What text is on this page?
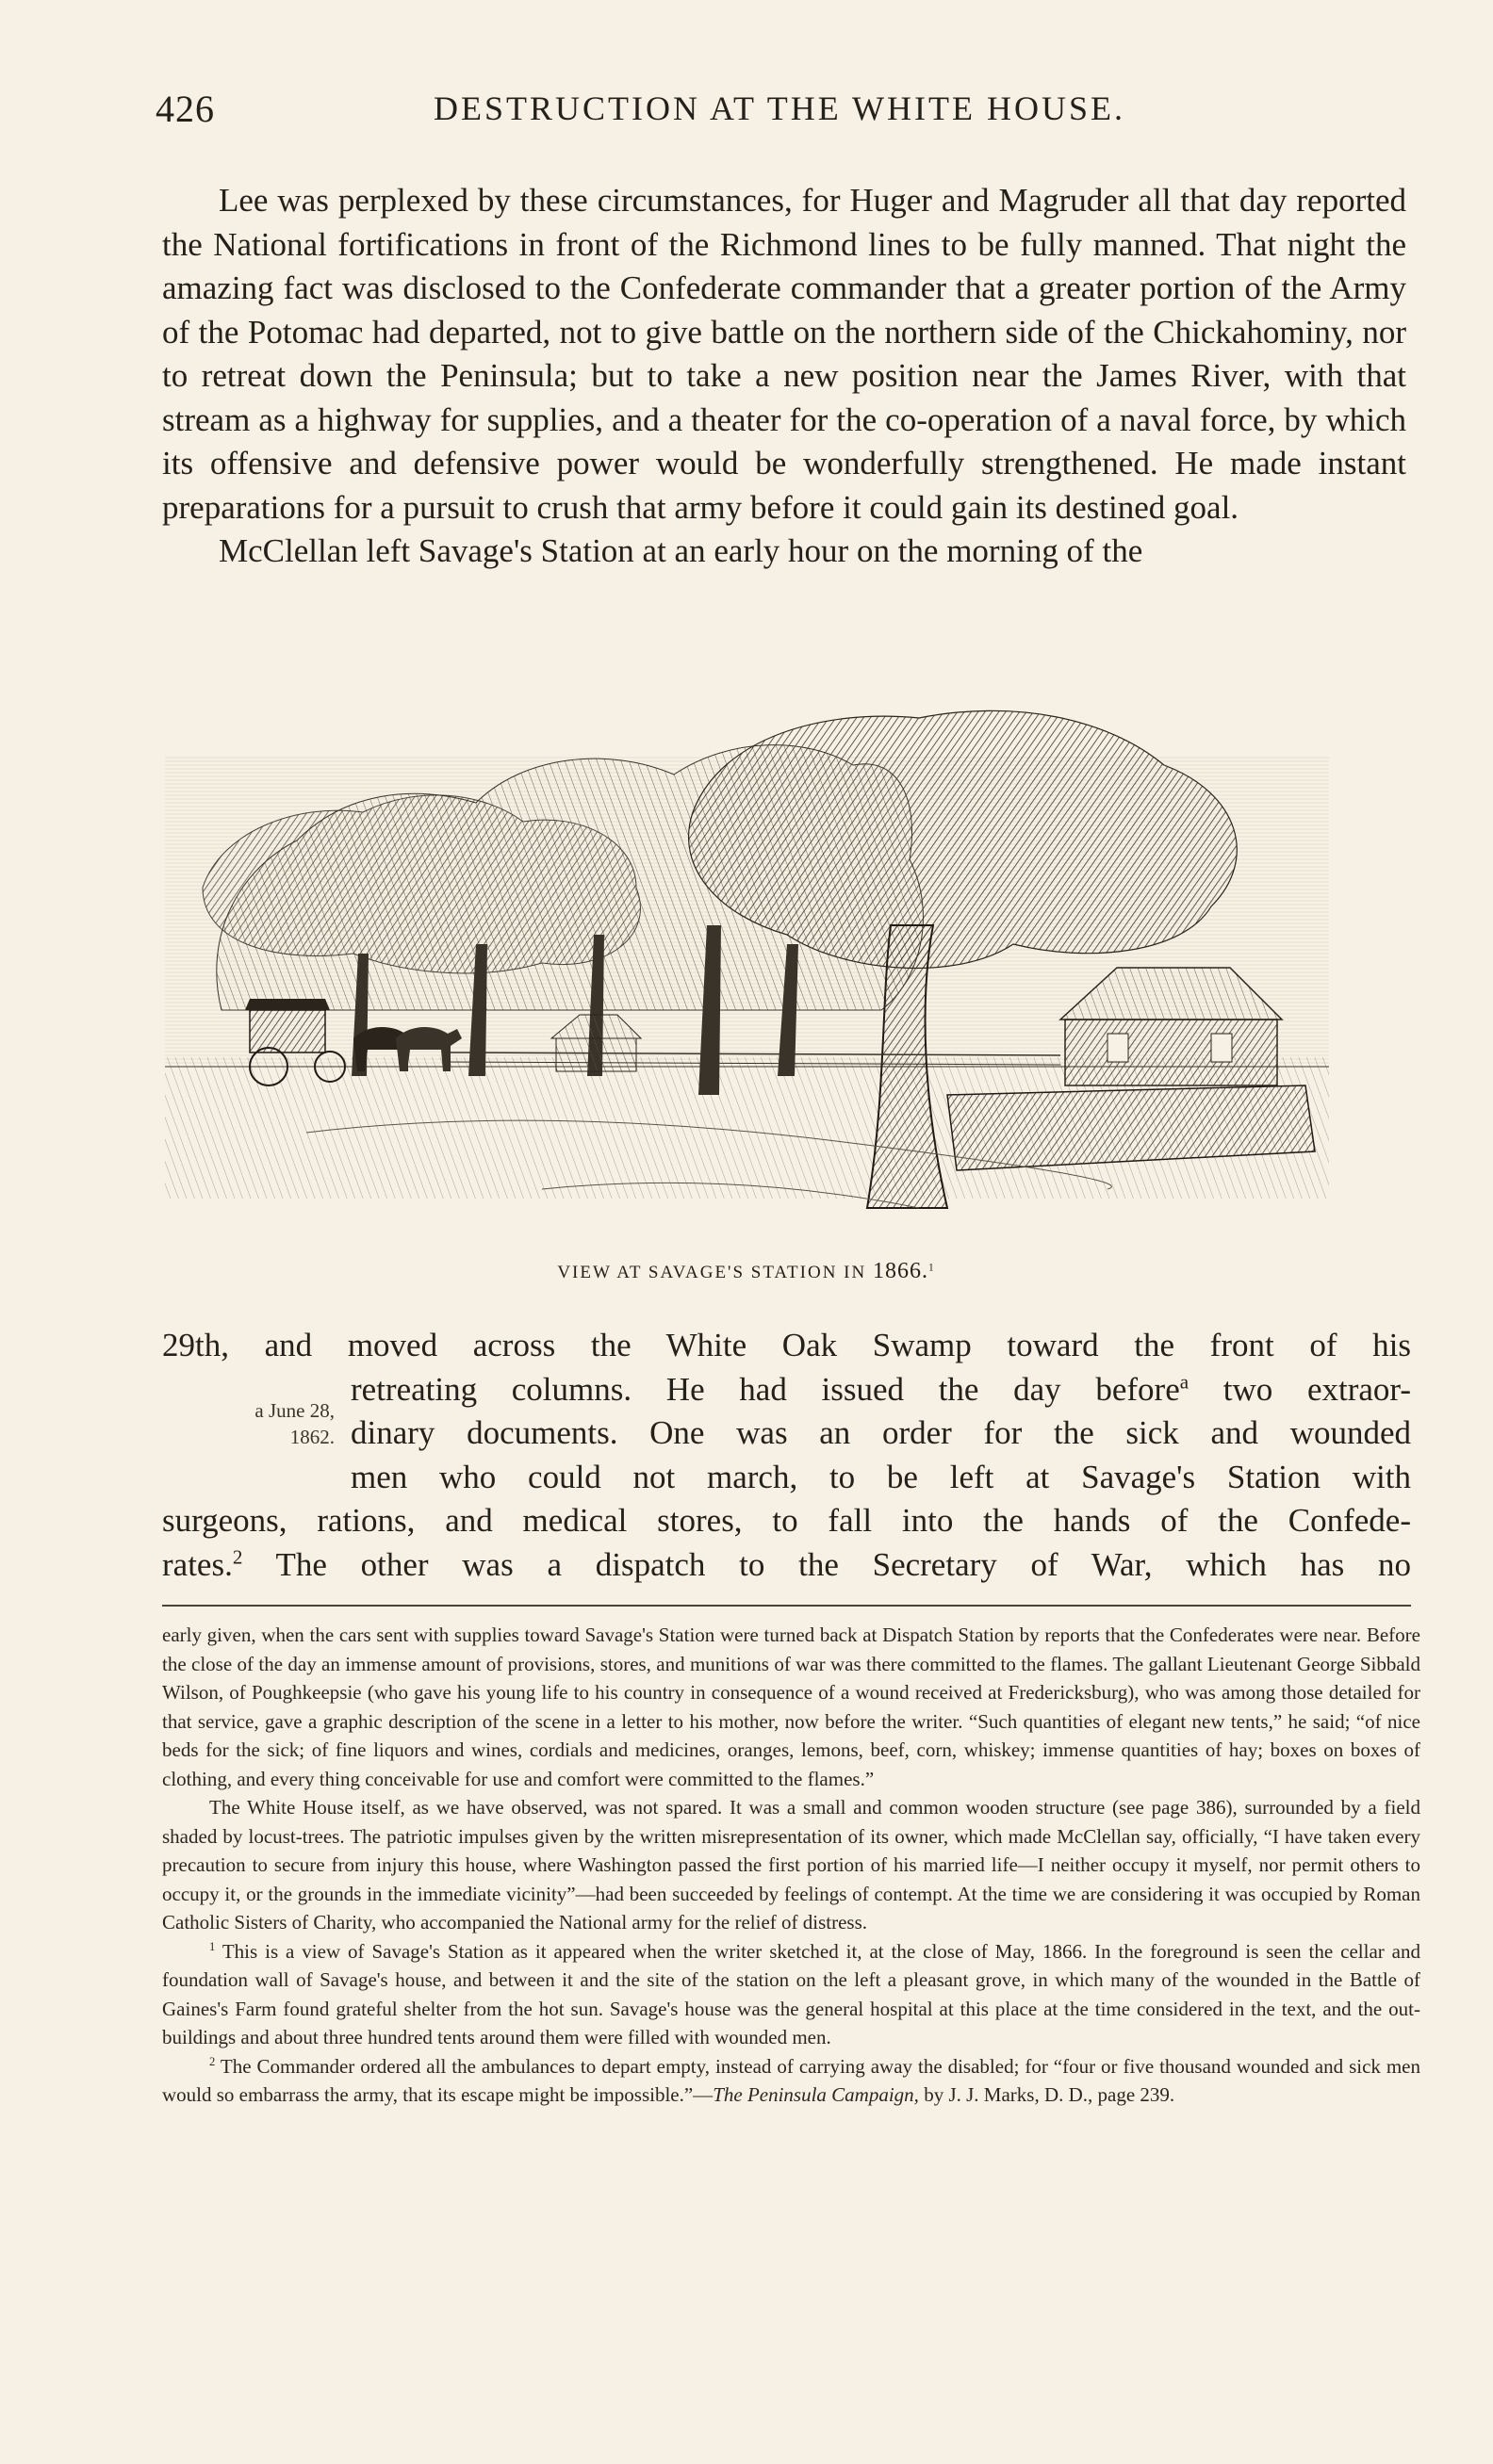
426	DESTRUCTION AT THE WHITE HOUSE.

Lee was perplexed by these circumstances, for Huger and Magruder all that day reported the National fortifications in front of the Richmond lines to be fully manned. That night the amazing fact was disclosed to the Confederate commander that a greater portion of the Army of the Potomac had departed, not to give battle on the northern side of the Chickahominy, nor to retreat down the Peninsula; but to take a new position near the James River, with that stream as a highway for supplies, and a theater for the co-operation of a naval force, by which its offensive and defensive power would be wonderfully strengthened. He made instant preparations for a pursuit to crush that army before it could gain its destined goal.

McClellan left Savage's Station at an early hour on the morning of the

VIEW AT SAVAGE'S STATION IN 1866.$^1$
a June 28,
1862.
29th, and moved across the White Oak Swamp toward the front of his
retreating columns. He had issued the day before$^a$ two extraor-
dinary documents. One was an order for the sick and wounded
men who could not march, to be left at Savage's Station with
surgeons, rations, and medical stores, to fall into the hands of the Confede-
rates.$^2$ The other was a dispatch to the Secretary of War, which has no

early given, when the cars sent with supplies toward Savage's Station were turned back at Dispatch Station by reports that the Confederates were near. Before the close of the day an immense amount of provisions, stores, and munitions of war was there committed to the flames. The gallant Lieutenant George Sibbald Wilson, of Poughkeepsie (who gave his young life to his country in consequence of a wound received at Fredericksburg), who was among those detailed for that service, gave a graphic description of the scene in a letter to his mother, now before the writer. “Such quantities of elegant new tents,” he said; “of nice beds for the sick; of fine liquors and wines, cordials and medicines, oranges, lemons, beef, corn, whiskey; immense quantities of hay; boxes on boxes of clothing, and every thing conceivable for use and comfort were committed to the flames.”

The White House itself, as we have observed, was not spared. It was a small and common wooden structure (see page 386), surrounded by a field shaded by locust-trees. The patriotic impulses given by the written misrepresentation of its owner, which made McClellan say, officially, “I have taken every precaution to secure from injury this house, where Washington passed the first portion of his married life—I neither occupy it myself, nor permit others to occupy it, or the grounds in the immediate vicinity”—had been succeeded by feelings of contempt. At the time we are considering it was occupied by Roman Catholic Sisters of Charity, who accompanied the National army for the relief of distress.

$^1$ This is a view of Savage's Station as it appeared when the writer sketched it, at the close of May, 1866. In the foreground is seen the cellar and foundation wall of Savage's house, and between it and the site of the station on the left a pleasant grove, in which many of the wounded in the Battle of Gaines's Farm found grateful shelter from the hot sun. Savage's house was the general hospital at this place at the time considered in the text, and the out-buildings and about three hundred tents around them were filled with wounded men.

$^2$ The Commander ordered all the ambulances to depart empty, instead of carrying away the disabled; for “four or five thousand wounded and sick men would so embarrass the army, that its escape might be impossible.”—The Peninsula Campaign, by J. J. Marks, D. D., page 239.
